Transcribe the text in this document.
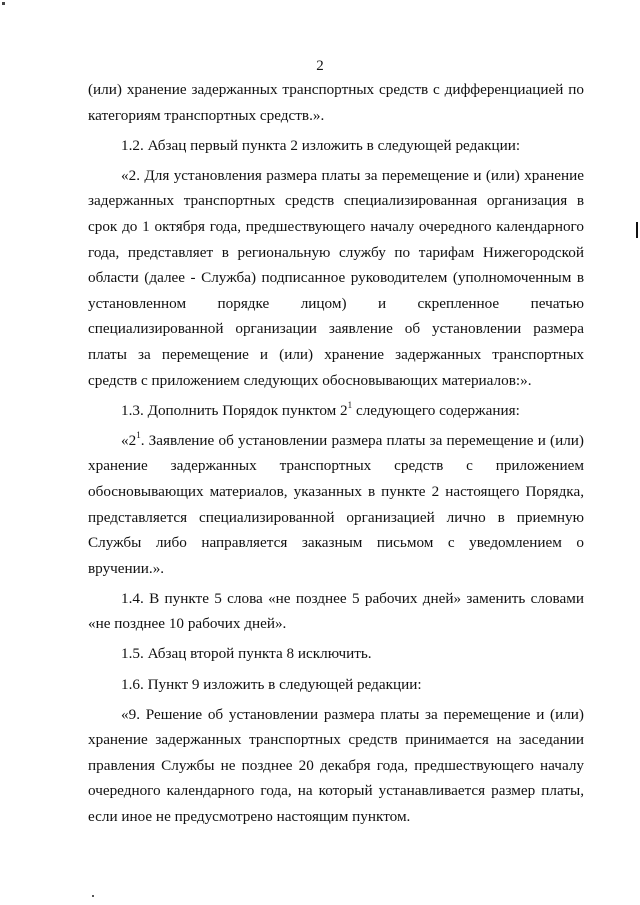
2

(или) хранение задержанных транспортных средств с дифференциацией по категориям транспортных средств.».

1.2. Абзац первый пункта 2 изложить в следующей редакции:

«2. Для установления размера платы за перемещение и (или) хранение задержанных транспортных средств специализированная организация в срок до 1 октября года, предшествующего началу очередного календарного года, представляет в региональную службу по тарифам Нижегородской области (далее - Служба) подписанное руководителем (уполномоченным в установленном порядке лицом) и скрепленное печатью специализированной организации заявление об установлении размера платы за перемещение и (или) хранение задержанных транспортных средств с приложением следующих обосновывающих материалов:».

1.3. Дополнить Порядок пунктом $2^1$ следующего содержания:

«$2^1$. Заявление об установлении размера платы за перемещение и (или) хранение задержанных транспортных средств с приложением обосновывающих материалов, указанных в пункте 2 настоящего Порядка, представляется специализированной организацией лично в приемную Службы либо направляется заказным письмом с уведомлением о вручении.».

1.4. В пункте 5 слова «не позднее 5 рабочих дней» заменить словами «не позднее 10 рабочих дней».

1.5. Абзац второй пункта 8 исключить.

1.6. Пункт 9 изложить в следующей редакции:

«9. Решение об установлении размера платы за перемещение и (или) хранение задержанных транспортных средств принимается на заседании правления Службы не позднее 20 декабря года, предшествующего началу очередного календарного года, на который устанавливается размер платы, если иное не предусмотрено настоящим пунктом.
